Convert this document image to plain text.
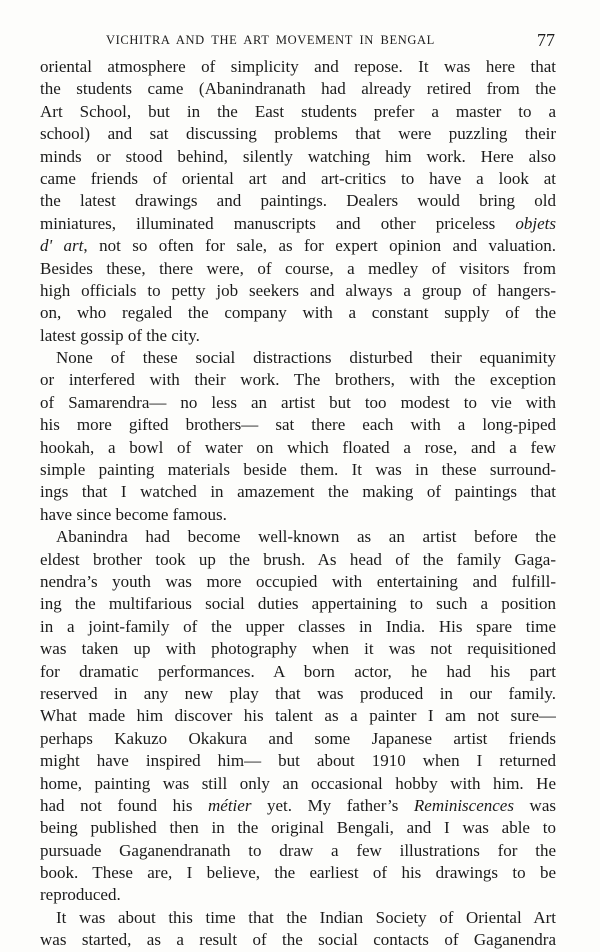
VICHITRA AND THE ART MOVEMENT IN BENGAL	77
oriental atmosphere of simplicity and repose. It was here that
the students came (Abanindranath had already retired from the
Art School, but in the East students prefer a master to a
school) and sat discussing problems that were puzzling their
minds or stood behind, silently watching him work. Here also
came friends of oriental art and art-critics to have a look at
the latest drawings and paintings. Dealers would bring old
miniatures, illuminated manuscripts and other priceless objets
d' art, not so often for sale, as for expert opinion and valuation.
Besides these, there were, of course, a medley of visitors from
high officials to petty job seekers and always a group of hangers-
on, who regaled the company with a constant supply of the
latest gossip of the city.
None of these social distractions disturbed their equanimity
or interfered with their work. The brothers, with the exception
of Samarendra— no less an artist but too modest to vie with
his more gifted brothers— sat there each with a long-piped
hookah, a bowl of water on which floated a rose, and a few
simple painting materials beside them. It was in these surround-
ings that I watched in amazement the making of paintings that
have since become famous.
Abanindra had become well-known as an artist before the
eldest brother took up the brush. As head of the family Gaga-
nendra’s youth was more occupied with entertaining and fulfill-
ing the multifarious social duties appertaining to such a position
in a joint-family of the upper classes in India. His spare time
was taken up with photography when it was not requisitioned
for dramatic performances. A born actor, he had his part
reserved in any new play that was produced in our family.
What made him discover his talent as a painter I am not sure—
perhaps Kakuzo Okakura and some Japanese artist friends
might have inspired him— but about 1910 when I returned
home, painting was still only an occasional hobby with him. He
had not found his métier yet. My father’s Reminiscences was
being published then in the original Bengali, and I was able to
pursuade Gaganendranath to draw a few illustrations for the
book. These are, I believe, the earliest of his drawings to be
reproduced.
It was about this time that the Indian Society of Oriental Art
was started, as a result of the social contacts of Gaganendra
